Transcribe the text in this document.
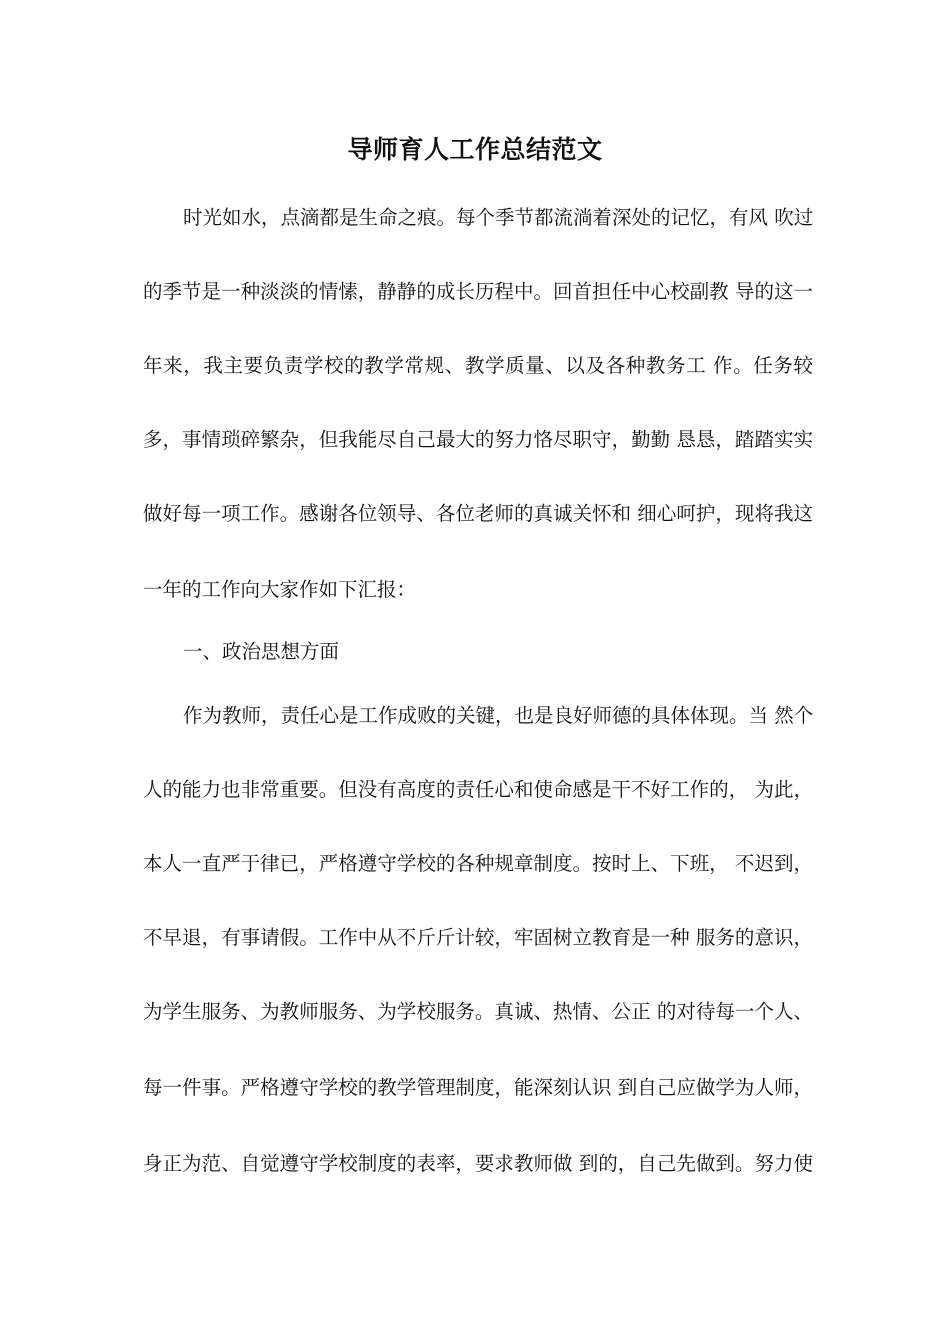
导师育人工作总结范文
时光如水，点滴都是生命之痕。每个季节都流淌着深处的记忆，有风 吹过
的季节是一种淡淡的情愫，静静的成长历程中。回首担任中心校副教 导的这一
年来，我主要负责学校的教学常规、教学质量、以及各种教务工 作。任务较
多，事情琐碎繁杂，但我能尽自己最大的努力恪尽职守，勤勤 恳恳，踏踏实实
做好每一项工作。感谢各位领导、各位老师的真诚关怀和 细心呵护，现将我这
一年的工作向大家作如下汇报：
一、政治思想方面
作为教师，责任心是工作成败的关键，也是良好师德的具体体现。当 然个
人的能力也非常重要。但没有高度的责任心和使命感是干不好工作的， 为此，
本人一直严于律已，严格遵守学校的各种规章制度。按时上、下班， 不迟到，
不早退，有事请假。工作中从不斤斤计较，牢固树立教育是一种 服务的意识，
为学生服务、为教师服务、为学校服务。真诚、热情、公正 的对待每一个人、
每一件事。严格遵守学校的教学管理制度，能深刻认识 到自己应做学为人师，
身正为范、自觉遵守学校制度的表率，要求教师做 到的，自己先做到。努力使
